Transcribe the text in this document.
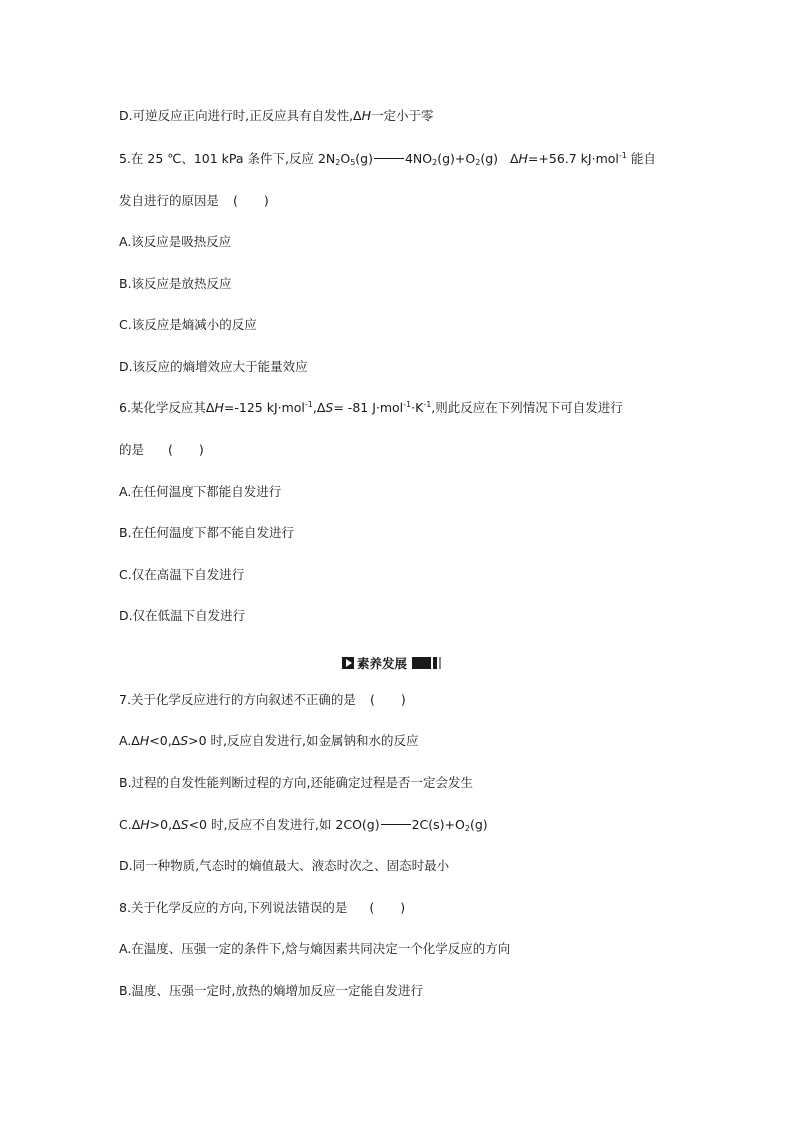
D.可逆反应正向进行时,正反应具有自发性,ΔH一定小于零
5.在 25 ℃、101 kPa 条件下,反应 $2N_2O_5(g)$	$4NO_2(g)+O_2(g)$   ΔH=+56.7 kJ·mol$^{-1}$ 能自
发自进行的原因是 ( )
A.该反应是吸热反应
B.该反应是放热反应
C.该反应是熵减小的反应
D.该反应的熵增效应大于能量效应
6.某化学反应其ΔH=-125 kJ·mol$^{-1}$,ΔS= -81 $J\cdot mol^{-1}\cdot K^{-1}$,则此反应在下列情况下可自发进行
的是 ( )
A.在任何温度下都能自发进行
B.在任何温度下都不能自发进行
C.仅在高温下自发进行
D.仅在低温下自发进行
素养发展
7.关于化学反应进行的方向叙述不正确的是 ( )
A.ΔH<0,ΔS>0 时,反应自发进行,如金属钠和水的反应
B.过程的自发性能判断过程的方向,还能确定过程是否一定会发生
C.ΔH>0,ΔS<0 时,反应不自发进行,如 2CO(g)	$2C(s)+O_2(g)$
D.同一种物质,气态时的熵值最大、液态时次之、固态时最小
8.关于化学反应的方向,下列说法错误的是 ( )
A.在温度、压强一定的条件下,焓与熵因素共同决定一个化学反应的方向
B.温度、压强一定时,放热的熵增加反应一定能自发进行
